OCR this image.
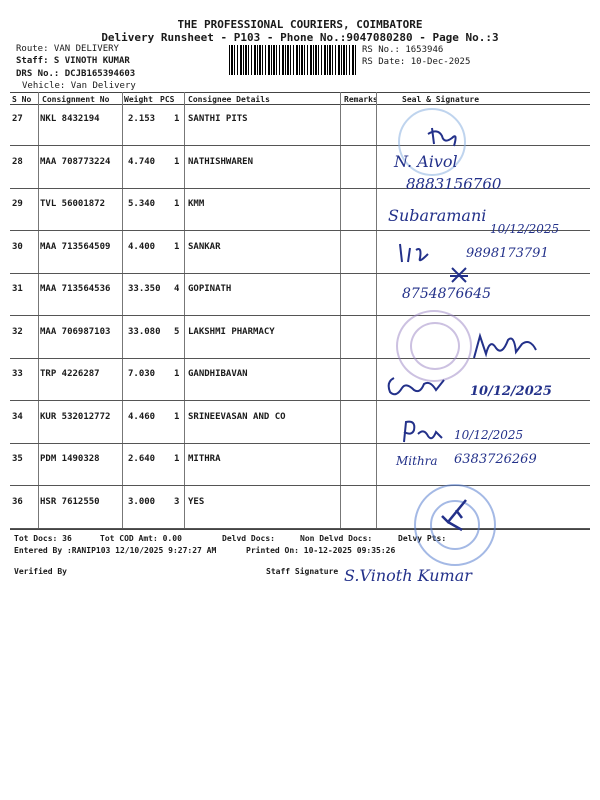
THE PROFESSIONAL COURIERS, COIMBATORE
Delivery Runsheet - P103 - Phone No.:9047080280 - Page No.:3
Route: VAN DELIVERY
Staff: S VINOTH KUMAR
DRS No.: DCJB165394603
Vehicle: Van Delivery
RS No.: 1653946
RS Date: 10-Dec-2025
S No Consignment No Weight PCS Consignee Details	Remarks	Seal & Signature
27 NKL 8432194	2.153 1 SANTHI PITS
28 MAA 708773224 4.740 1 NATHISHWAREN
29 TVL 56001872	5.340 1 KMM
30 MAA 713564509 4.400 1 SANKAR
31 MAA 713564536 33.350 4 GOPINATH
32 MAA 706987103 33.080 5 LAKSHMI PHARMACY
33 TRP 4226287	7.030 1 GANDHIBAVAN
34 KUR 532012772 4.460 1 SRINEEVASAN AND CO
35 PDM 1490328	2.640 1 MITHRA
36 HSR 7612550	3.000 3 YES
Tot Docs: 36	Tot COD Amt: 0.00	Delvd Docs:	Non Delvd Docs:	Delvy Pts:
Entered By :RANIP103 12/10/2025 9:27:27 AM	Printed On: 10-12-2025 09:35:26
Verified By	Staff Signature
N. Aivol
8883156760
Subaramani
10/12/2025
9898173791
8754876645
10/12/2025
10/12/2025
Mithra 6383726269
S.Vinoth Kumar
